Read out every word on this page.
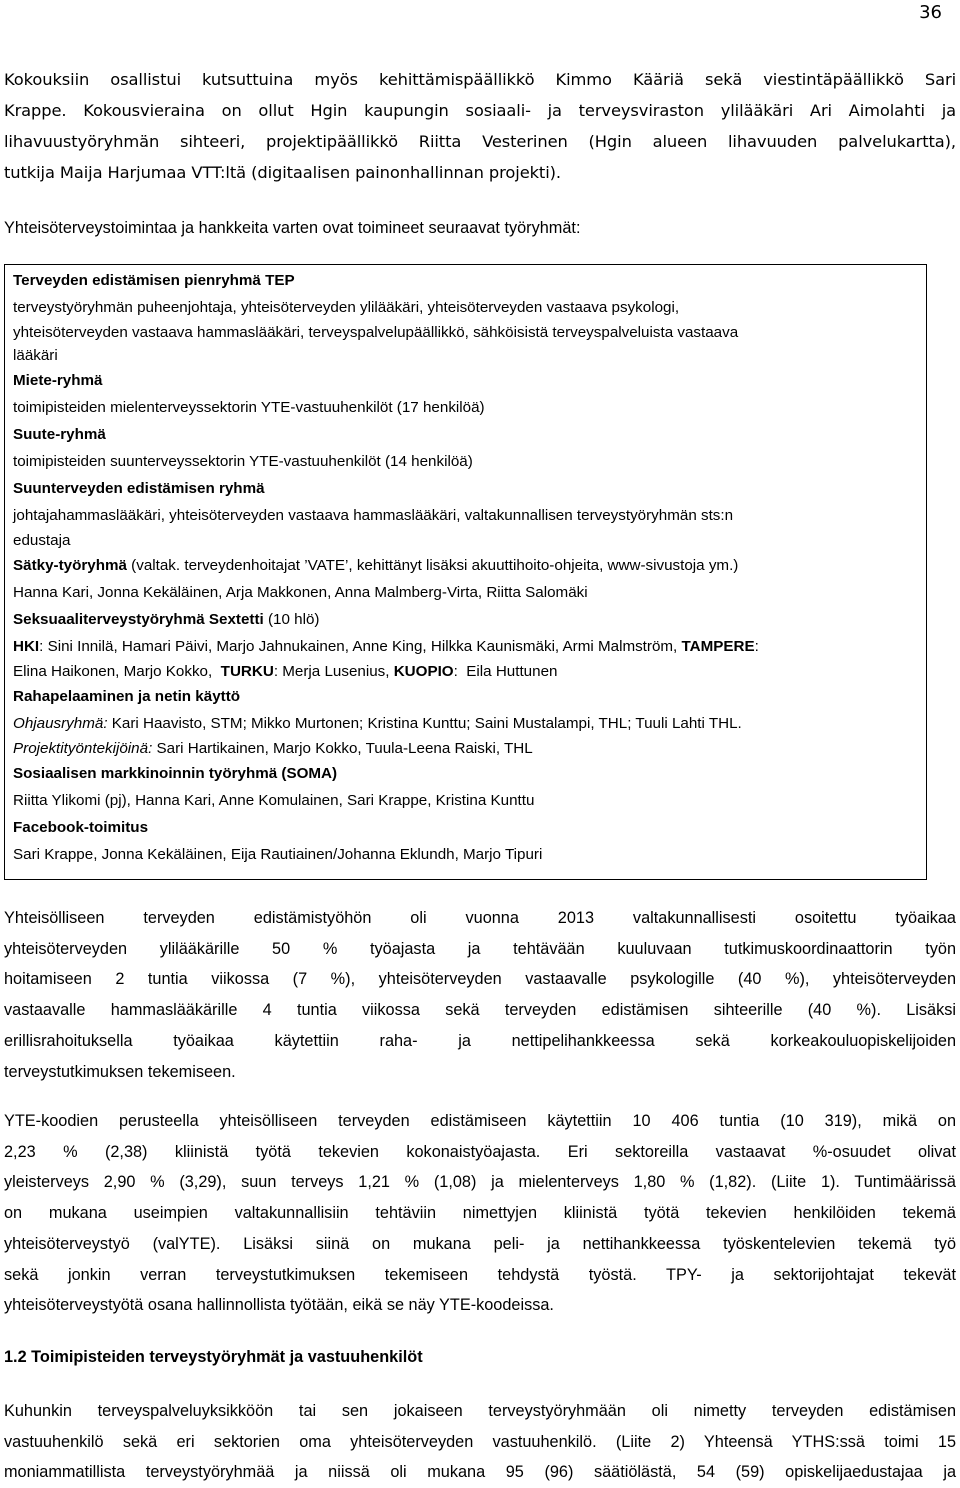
36

Kokouksiin osallistui kutsuttuina myös kehittämispäällikkö Kimmo Kääriä sekä viestintäpäällikkö Sari

Krappe. Kokousvieraina on ollut Hgin kaupungin sosiaali- ja terveysviraston ylilääkäri Ari Aimolahti ja

lihavuustyöryhmän sihteeri, projektipäällikkö Riitta Vesterinen (Hgin alueen lihavuuden palvelukartta),

tutkija Maija Harjumaa VTT:ltä (digitaalisen painonhallinnan projekti).

Yhteisöterveystoimintaa ja hankkeita varten ovat toimineet seuraavat työryhmät:
Terveyden edistämisen pienryhmä TEP
terveystyöryhmän puheenjohtaja, yhteisöterveyden ylilääkäri, yhteisöterveyden vastaava psykologi,
yhteisöterveyden vastaava hammaslääkäri, terveyspalvelupäällikkö, sähköisistä terveyspalveluista vastaava
lääkäri
Miete-ryhmä
toimipisteiden mielenterveyssektorin YTE-vastuuhenkilöt (17 henkilöä)
Suute-ryhmä
toimipisteiden suunterveyssektorin YTE-vastuuhenkilöt (14 henkilöä)
Suunterveyden edistämisen ryhmä
johtajahammaslääkäri, yhteisöterveyden vastaava hammaslääkäri, valtakunnallisen terveystyöryhmän sts:n
edustaja
Sätky-työryhmä (valtak. terveydenhoitajat ’VATE’, kehittänyt lisäksi akuuttihoito-ohjeita, www-sivustoja ym.)
Hanna Kari, Jonna Kekäläinen, Arja Makkonen, Anna Malmberg-Virta, Riitta Salomäki
Seksuaaliterveystyöryhmä Sextetti (10 hlö)
HKI: Sini Innilä, Hamari Päivi, Marjo Jahnukainen, Anne King, Hilkka Kaunismäki, Armi Malmström, TAMPERE:
Elina Haikonen, Marjo Kokko,  TURKU: Merja Lusenius, KUOPIO:  Eila Huttunen
Rahapelaaminen ja netin käyttö
Ohjausryhmä: Kari Haavisto, STM; Mikko Murtonen; Kristina Kunttu; Saini Mustalampi, THL; Tuuli Lahti THL.
Projektityöntekijöinä: Sari Hartikainen, Marjo Kokko, Tuula-Leena Raiski, THL
Sosiaalisen markkinoinnin työryhmä (SOMA)
Riitta Ylikomi (pj), Hanna Kari, Anne Komulainen, Sari Krappe, Kristina Kunttu
Facebook-toimitus
Sari Krappe, Jonna Kekäläinen, Eija Rautiainen/Johanna Eklundh, Marjo Tipuri

Yhteisölliseen terveyden edistämistyöhön oli vuonna 2013 valtakunnallisesti osoitettu työaikaa

yhteisöterveyden ylilääkärille 50 % työajasta ja tehtävään kuuluvaan tutkimuskoordinaattorin työn

hoitamiseen 2 tuntia viikossa (7 %), yhteisöterveyden vastaavalle psykologille (40 %), yhteisöterveyden

vastaavalle hammaslääkärille 4 tuntia viikossa sekä terveyden edistämisen sihteerille (40 %). Lisäksi

erillisrahoituksella työaikaa käytettiin raha- ja nettipelihankkeessa sekä korkeakouluopiskelijoiden

terveystutkimuksen tekemiseen.

YTE-koodien perusteella yhteisölliseen terveyden edistämiseen käytettiin 10 406 tuntia (10 319), mikä on

2,23 % (2,38) kliinistä työtä tekevien kokonaistyöajasta. Eri sektoreilla vastaavat %-osuudet olivat

yleisterveys 2,90 % (3,29), suun terveys 1,21 % (1,08) ja mielenterveys 1,80 % (1,82). (Liite 1). Tuntimäärissä

on mukana useimpien valtakunnallisiin tehtäviin nimettyjen kliinistä työtä tekevien henkilöiden tekemä

yhteisöterveystyö (valYTE). Lisäksi siinä on mukana peli- ja nettihankkeessa työskentelevien tekemä työ

sekä jonkin verran terveystutkimuksen tekemiseen tehdystä työstä. TPY- ja sektorijohtajat tekevät

yhteisöterveystyötä osana hallinnollista työtään, eikä se näy YTE-koodeissa.

1.2 Toimipisteiden terveystyöryhmät ja vastuuhenkilöt

Kuhunkin terveyspalveluyksikköön tai sen jokaiseen terveystyöryhmään oli nimetty terveyden edistämisen

vastuuhenkilö sekä eri sektorien oma yhteisöterveyden vastuuhenkilö. (Liite 2) Yhteensä YTHS:ssä toimi 15

moniammatillista terveystyöryhmää ja niissä oli mukana 95 (96) säätiölästä, 54 (59) opiskelijaedustajaa ja
